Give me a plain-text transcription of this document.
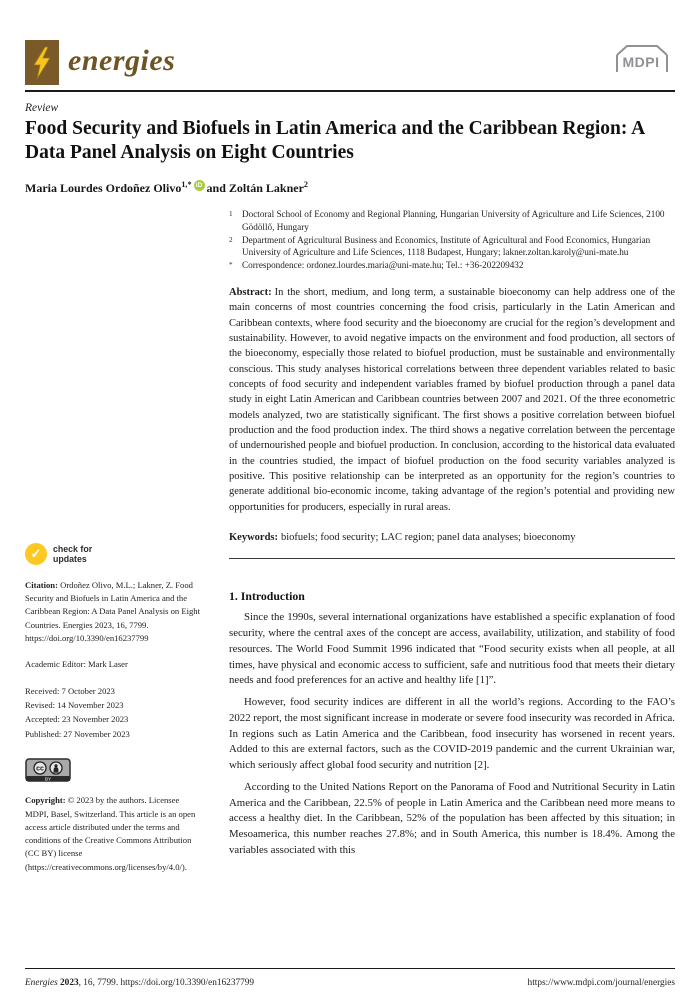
energies	MDPI
Review
Food Security and Biofuels in Latin America and the Caribbean Region: A Data Panel Analysis on Eight Countries
Maria Lourdes Ordoñez Olivo$^{1,*}$ iD and Zoltán Lakner$^2$
✓	check for
updates
Citation: Ordoñez Olivo, M.L.; Lakner, Z. Food Security and Biofuels in Latin America and the Caribbean Region: A Data Panel Analysis on Eight Countries. Energies 2023, 16, 7799. https://doi.org/10.3390/en16237799
Academic Editor: Mark Laser
Received: 7 October 2023
Revised: 14 November 2023
Accepted: 23 November 2023
Published: 27 November 2023
cc
BY
Copyright: © 2023 by the authors. Licensee MDPI, Basel, Switzerland. This article is an open access article distributed under the terms and conditions of the Creative Commons Attribution (CC BY) license (https://creativecommons.org/licenses/by/4.0/).
1	Doctoral School of Economy and Regional Planning, Hungarian University of Agriculture and Life Sciences, 2100 Gödöllő, Hungary
2	Department of Agricultural Business and Economics, Institute of Agricultural and Food Economics, Hungarian University of Agriculture and Life Sciences, 1118 Budapest, Hungary; lakner.zoltan.karoly@uni-mate.hu
*	Correspondence: ordonez.lourdes.maria@uni-mate.hu; Tel.: +36-202209432

Abstract: In the short, medium, and long term, a sustainable bioeconomy can help address one of the main concerns of most countries concerning the food crisis, particularly in the Latin American and Caribbean contexts, where food security and the bioeconomy are crucial for the region’s development and sustainability. However, to avoid negative impacts on the environment and food production, all sectors of the bioeconomy, especially those related to biofuel production, must be sustainable and environmentally conscious. This study analyses historical correlations between three dependent variables related to basic concepts of food security and independent variables framed by biofuel production through a panel data study in eight Latin American and Caribbean countries between 2007 and 2021. Of the three econometric models analyzed, two are statistically significant. The first shows a positive correlation between biofuel production and the food production index. The third shows a negative correlation between the percentage of undernourished people and biofuel production. In conclusion, according to the historical data evaluated in the countries studied, the impact of biofuel production on the food security variables analyzed is positive. This positive relationship can be interpreted as an opportunity for the region’s countries to generate additional bio-economic income, taking advantage of the region’s potential and providing new opportunities for producers, especially in rural areas.

Keywords: biofuels; food security; LAC region; panel data analyses; bioeconomy

1. Introduction

Since the 1990s, several international organizations have established a specific explanation of food security, where the central axes of the concept are access, availability, utilization, and stability of food resources. The World Food Summit 1996 indicated that “Food security exists when all people, at all times, have physical and economic access to sufficient, safe and nutritious food that meets their dietary needs and food preferences for an active and healthy life [1]”.

However, food security indices are different in all the world’s regions. According to the FAO’s 2022 report, the most significant increase in moderate or severe food insecurity was recorded in Africa. In regions such as Latin America and the Caribbean, food insecurity has worsened in recent years. Added to this are external factors, such as the COVID-2019 pandemic and the current Ukrainian war, which seriously affect global food security and nutrition [2].

According to the United Nations Report on the Panorama of Food and Nutritional Security in Latin America and the Caribbean, 22.5% of people in Latin America and the Caribbean need more means to access a healthy diet. In the Caribbean, 52% of the population has been affected by this situation; in Mesoamerica, this number reaches 27.8%; and in South America, this number is 18.4%. Among the variables associated with this

Energies 2023, 16, 7799. https://doi.org/10.3390/en16237799	https://www.mdpi.com/journal/energies
